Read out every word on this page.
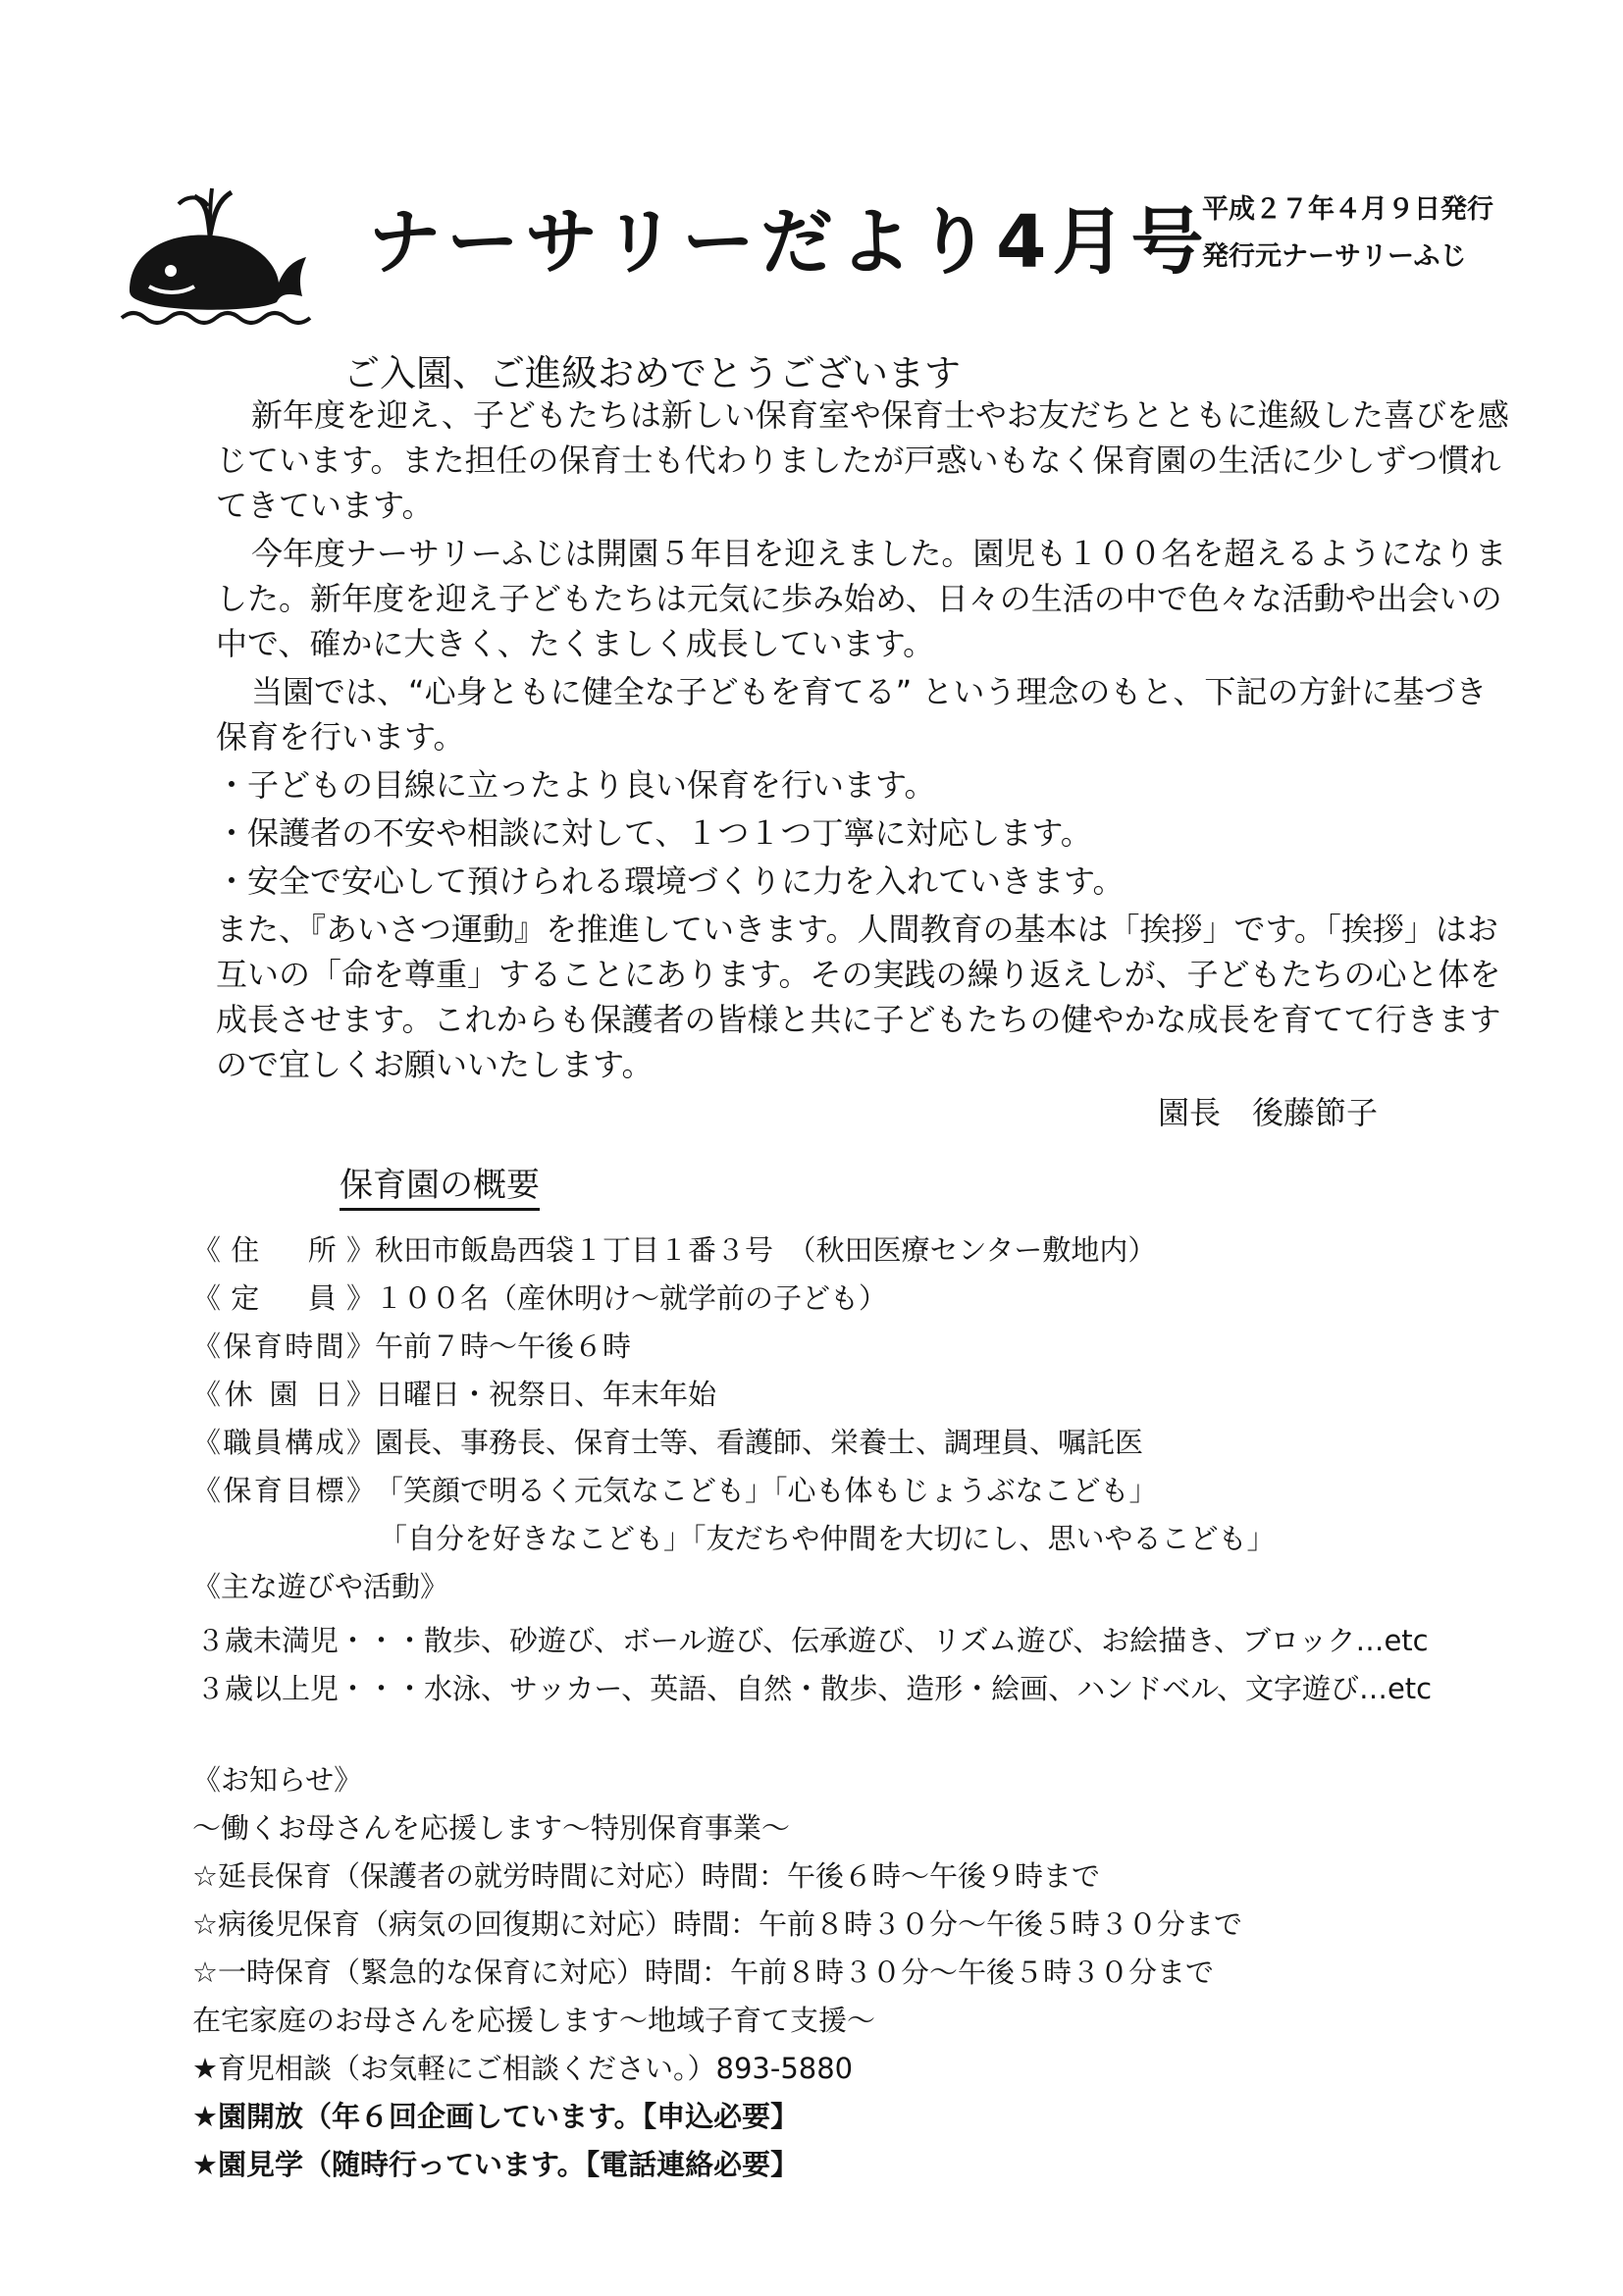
ナーサリーだより4月号
平成２７年４月９日発行
発行元ナーサリーふじ
ご入園、ご進級おめでとうございます

新年度を迎え、子どもたちは新しい保育室や保育士やお友だちとともに進級した喜びを感じています。また担任の保育士も代わりましたが戸惑いもなく保育園の生活に少しずつ慣れてきています。

今年度ナーサリーふじは開園５年目を迎えました。園児も１００名を超えるようになりました。新年度を迎え子どもたちは元気に歩み始め、日々の生活の中で色々な活動や出会いの中で、確かに大きく、たくましく成長しています。

当園では、“心身ともに健全な子どもを育てる” という理念のもと、下記の方針に基づき保育を行います。

・子どもの目線に立ったより良い保育を行います。

・保護者の不安や相談に対して、１つ１つ丁寧に対応します。

・安全で安心して預けられる環境づくりに力を入れていきます。

また、『あいさつ運動』を推進していきます。人間教育の基本は「挨拶」です。「挨拶」はお互いの「命を尊重」することにあります。その実践の繰り返えしが、子どもたちの心と体を成長させます。これからも保護者の皆様と共に子どもたちの健やかな成長を育てて行きますので宜しくお願いいたします。

園長　後藤節子

保育園の概要
《住　所》 秋田市飯島西袋１丁目１番３号　（秋田医療センター敷地内）
《定　員》 １００名（産休明け～就学前の子ども）
《保育時間》 午前７時～午後６時
《休 園 日》 日曜日・祝祭日、年末年始
《職員構成》 園長、事務長、保育士等、看護師、栄養士、調理員、嘱託医
《保育目標》 「笑顔で明るく元気なこども」「心も体もじょうぶなこども」
「自分を好きなこども」「友だちや仲間を大切にし、思いやるこども」
《主な遊びや活動》
３歳未満児・・・散歩、砂遊び、ボール遊び、伝承遊び、リズム遊び、お絵描き、ブロック…etc
３歳以上児・・・水泳、サッカー、英語、自然・散歩、造形・絵画、ハンドベル、文字遊び…etc
《お知らせ》
～働くお母さんを応援します～特別保育事業～
☆延長保育（保護者の就労時間に対応）時間：午後６時～午後９時まで
☆病後児保育（病気の回復期に対応）時間：午前８時３０分～午後５時３０分まで
☆一時保育（緊急的な保育に対応）時間：午前８時３０分～午後５時３０分まで
在宅家庭のお母さんを応援します～地域子育て支援～
★育児相談（お気軽にご相談ください。）893-5880
★園開放（年６回企画しています。【申込必要】
★園見学（随時行っています。【電話連絡必要】
